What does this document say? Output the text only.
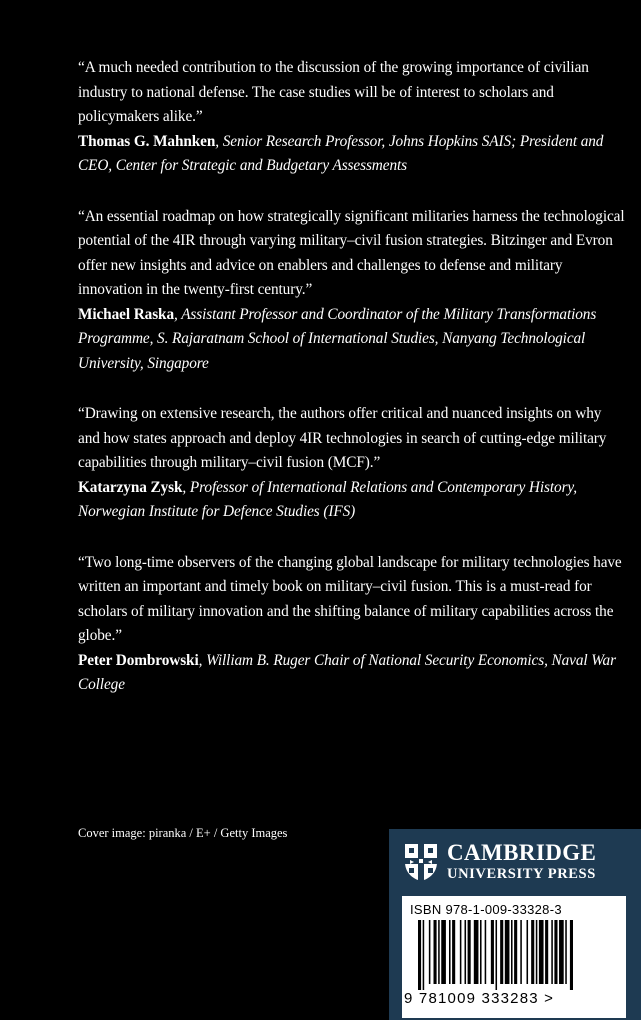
“A much needed contribution to the discussion of the growing importance of civilian industry to national defense. The case studies will be of interest to scholars and policymakers alike.”

Thomas G. Mahnken, Senior Research Professor, Johns Hopkins SAIS; President and CEO, Center for Strategic and Budgetary Assessments

“An essential roadmap on how strategically significant militaries harness the technological potential of the 4IR through varying military–civil fusion strategies. Bitzinger and Evron offer new insights and advice on enablers and challenges to defense and military innovation in the twenty-first century.”

Michael Raska, Assistant Professor and Coordinator of the Military Transformations Programme, S. Rajaratnam School of International Studies, Nanyang Technological University, Singapore

“Drawing on extensive research, the authors offer critical and nuanced insights on why and how states approach and deploy 4IR technologies in search of cutting-edge military capabilities through military–civil fusion (MCF).”

Katarzyna Zysk, Professor of International Relations and Contemporary History, Norwegian Institute for Defence Studies (IFS)

“Two long-time observers of the changing global landscape for military technologies have written an important and timely book on military–civil fusion. This is a must-read for scholars of military innovation and the shifting balance of military capabilities across the globe.”

Peter Dombrowski, William B. Ruger Chair of National Security Economics, Naval War College
Cover image: piranka / E+ / Getty Images
CAMBRIDGE
UNIVERSITY PRESS
ISBN 978-1-009-33328-3
9 781009 333283 >
